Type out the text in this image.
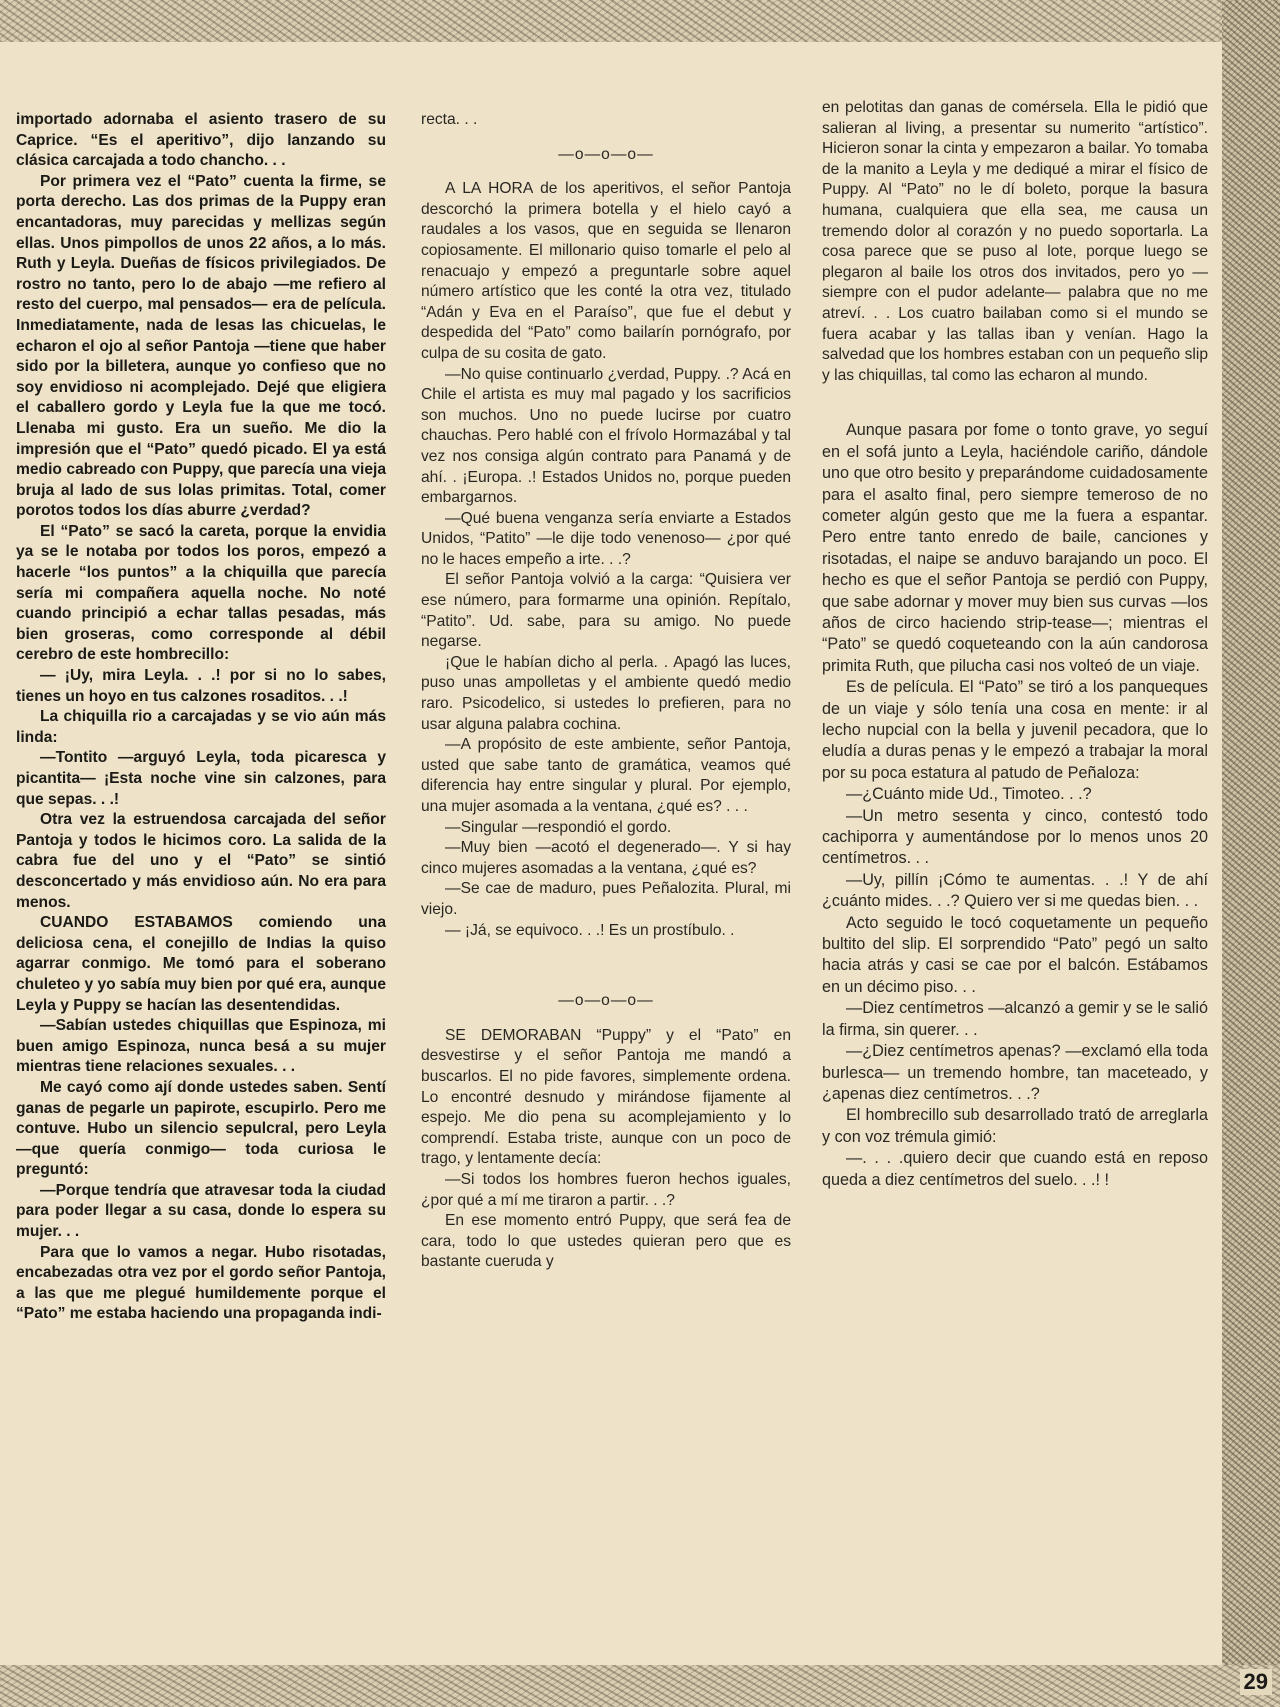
importado adornaba el asiento trasero de su Caprice. “Es el aperitivo”, dijo lanzando su clásica carcajada a todo chancho. . .

Por primera vez el “Pato” cuenta la firme, se porta derecho. Las dos primas de la Puppy eran encantadoras, muy parecidas y mellizas según ellas. Unos pimpollos de unos 22 años, a lo más. Ruth y Leyla. Dueñas de físicos privilegiados. De rostro no tanto, pero lo de abajo —me refiero al resto del cuerpo, mal pensados— era de película. Inmediatamente, nada de lesas las chicuelas, le echaron el ojo al señor Pantoja —tiene que haber sido por la billetera, aunque yo confieso que no soy envidioso ni acomplejado. Dejé que eligiera el caballero gordo y Leyla fue la que me tocó. Llenaba mi gusto. Era un sueño. Me dio la impresión que el “Pato” quedó picado. El ya está medio cabreado con Puppy, que parecía una vieja bruja al lado de sus lolas primitas. Total, comer porotos todos los días aburre ¿verdad?

El “Pato” se sacó la careta, porque la envidia ya se le notaba por todos los poros, empezó a hacerle “los puntos” a la chiquilla que parecía sería mi compañera aquella noche. No noté cuando principió a echar tallas pesadas, más bien groseras, como corresponde al débil cerebro de este hombrecillo:

— ¡Uy, mira Leyla. . .! por si no lo sabes, tienes un hoyo en tus calzones rosaditos. . .!

La chiquilla rio a carcajadas y se vio aún más linda:

—Tontito —arguyó Leyla, toda picaresca y picantita— ¡Esta noche vine sin calzones, para que sepas. . .!

Otra vez la estruendosa carcajada del señor Pantoja y todos le hicimos coro. La salida de la cabra fue del uno y el “Pato” se sintió desconcertado y más envidioso aún. No era para menos.

CUANDO ESTABAMOS comiendo una deliciosa cena, el conejillo de Indias la quiso agarrar conmigo. Me tomó para el soberano chuleteo y yo sabía muy bien por qué era, aunque Leyla y Puppy se hacían las desentendidas.

—Sabían ustedes chiquillas que Espinoza, mi buen amigo Espinoza, nunca besá a su mujer mientras tiene relaciones sexuales. . .

Me cayó como ají donde ustedes saben. Sentí ganas de pegarle un papirote, escupirlo. Pero me contuve. Hubo un silencio sepulcral, pero Leyla —que quería conmigo— toda curiosa le preguntó:

—Porque tendría que atravesar toda la ciudad para poder llegar a su casa, donde lo espera su mujer. . .

Para que lo vamos a negar. Hubo risotadas, encabezadas otra vez por el gordo señor Pantoja, a las que me plegué humildemente porque el “Pato” me estaba haciendo una propaganda indi-

recta. . .

—o—o—o—

A LA HORA de los aperitivos, el señor Pantoja descorchó la primera botella y el hielo cayó a raudales a los vasos, que en seguida se llenaron copiosamente. El millonario quiso tomarle el pelo al renacuajo y empezó a preguntarle sobre aquel número artístico que les conté la otra vez, titulado “Adán y Eva en el Paraíso”, que fue el debut y despedida del “Pato” como bailarín pornógrafo, por culpa de su cosita de gato.

—No quise continuarlo ¿verdad, Puppy. .? Acá en Chile el artista es muy mal pagado y los sacrificios son muchos. Uno no puede lucirse por cuatro chauchas. Pero hablé con el frívolo Hormazábal y tal vez nos consiga algún contrato para Panamá y de ahí. . ¡Europa. .! Estados Unidos no, porque pueden embargarnos.

—Qué buena venganza sería enviarte a Estados Unidos, “Patito” —le dije todo venenoso— ¿por qué no le haces empeño a irte. . .?

El señor Pantoja volvió a la carga: “Quisiera ver ese número, para formarme una opinión. Repítalo, “Patito”. Ud. sabe, para su amigo. No puede negarse.

¡Que le habían dicho al perla. . Apagó las luces, puso unas ampolletas y el ambiente quedó medio raro. Psicodelico, si ustedes lo prefieren, para no usar alguna palabra cochina.

—A propósito de este ambiente, señor Pantoja, usted que sabe tanto de gramática, veamos qué diferencia hay entre singular y plural. Por ejemplo, una mujer asomada a la ventana, ¿qué es? . . .

—Singular —respondió el gordo.

—Muy bien —acotó el degenerado—. Y si hay cinco mujeres asomadas a la ventana, ¿qué es?

—Se cae de maduro, pues Peñalozita. Plural, mi viejo.

— ¡Já, se equivoco. . .! Es un prostíbulo. .

—o—o—o—

SE DEMORABAN “Puppy” y el “Pato” en desvestirse y el señor Pantoja me mandó a buscarlos. El no pide favores, simplemente ordena. Lo encontré desnudo y mirándose fijamente al espejo. Me dio pena su acomplejamiento y lo comprendí. Estaba triste, aunque con un poco de trago, y lentamente decía:

—Si todos los hombres fueron hechos iguales, ¿por qué a mí me tiraron a partir. . .?

En ese momento entró Puppy, que será fea de cara, todo lo que ustedes quieran pero que es bastante cueruda y

en pelotitas dan ganas de comérsela. Ella le pidió que salieran al living, a presentar su numerito “artístico”. Hicieron sonar la cinta y empezaron a bailar. Yo tomaba de la manito a Leyla y me dediqué a mirar el físico de Puppy. Al “Pato” no le dí boleto, porque la basura humana, cualquiera que ella sea, me causa un tremendo dolor al corazón y no puedo soportarla. La cosa parece que se puso al lote, porque luego se plegaron al baile los otros dos invitados, pero yo —siempre con el pudor adelante— palabra que no me atreví. . . Los cuatro bailaban como si el mundo se fuera acabar y las tallas iban y venían. Hago la salvedad que los hombres estaban con un pequeño slip y las chiquillas, tal como las echaron al mundo.

Aunque pasara por fome o tonto grave, yo seguí en el sofá junto a Leyla, haciéndole cariño, dándole uno que otro besito y preparándome cuidadosamente para el asalto final, pero siempre temeroso de no cometer algún gesto que me la fuera a espantar. Pero entre tanto enredo de baile, canciones y risotadas, el naipe se anduvo barajando un poco. El hecho es que el señor Pantoja se perdió con Puppy, que sabe adornar y mover muy bien sus curvas —los años de circo haciendo strip-tease—; mientras el “Pato” se quedó coqueteando con la aún candorosa primita Ruth, que pilucha casi nos volteó de un viaje.

Es de película. El “Pato” se tiró a los panqueques de un viaje y sólo tenía una cosa en mente: ir al lecho nupcial con la bella y juvenil pecadora, que lo eludía a duras penas y le empezó a trabajar la moral por su poca estatura al patudo de Peñaloza:

—¿Cuánto mide Ud., Timoteo. . .?

—Un metro sesenta y cinco, contestó todo cachiporra y aumentándose por lo menos unos 20 centímetros. . .

—Uy, pillín ¡Cómo te aumentas. . .! Y de ahí ¿cuánto mides. . .? Quiero ver si me quedas bien. . .

Acto seguido le tocó coquetamente un pequeño bultito del slip. El sorprendido “Pato” pegó un salto hacia atrás y casi se cae por el balcón. Estábamos en un décimo piso. . .

—Diez centímetros —alcanzó a gemir y se le salió la firma, sin querer. . .

—¿Diez centímetros apenas? —exclamó ella toda burlesca— un tremendo hombre, tan maceteado, y ¿apenas diez centímetros. . .?

El hombrecillo sub desarrollado trató de arreglarla y con voz trémula gimió:

—. . . .quiero decir que cuando está en reposo queda a diez centímetros del suelo. . .! !

29
